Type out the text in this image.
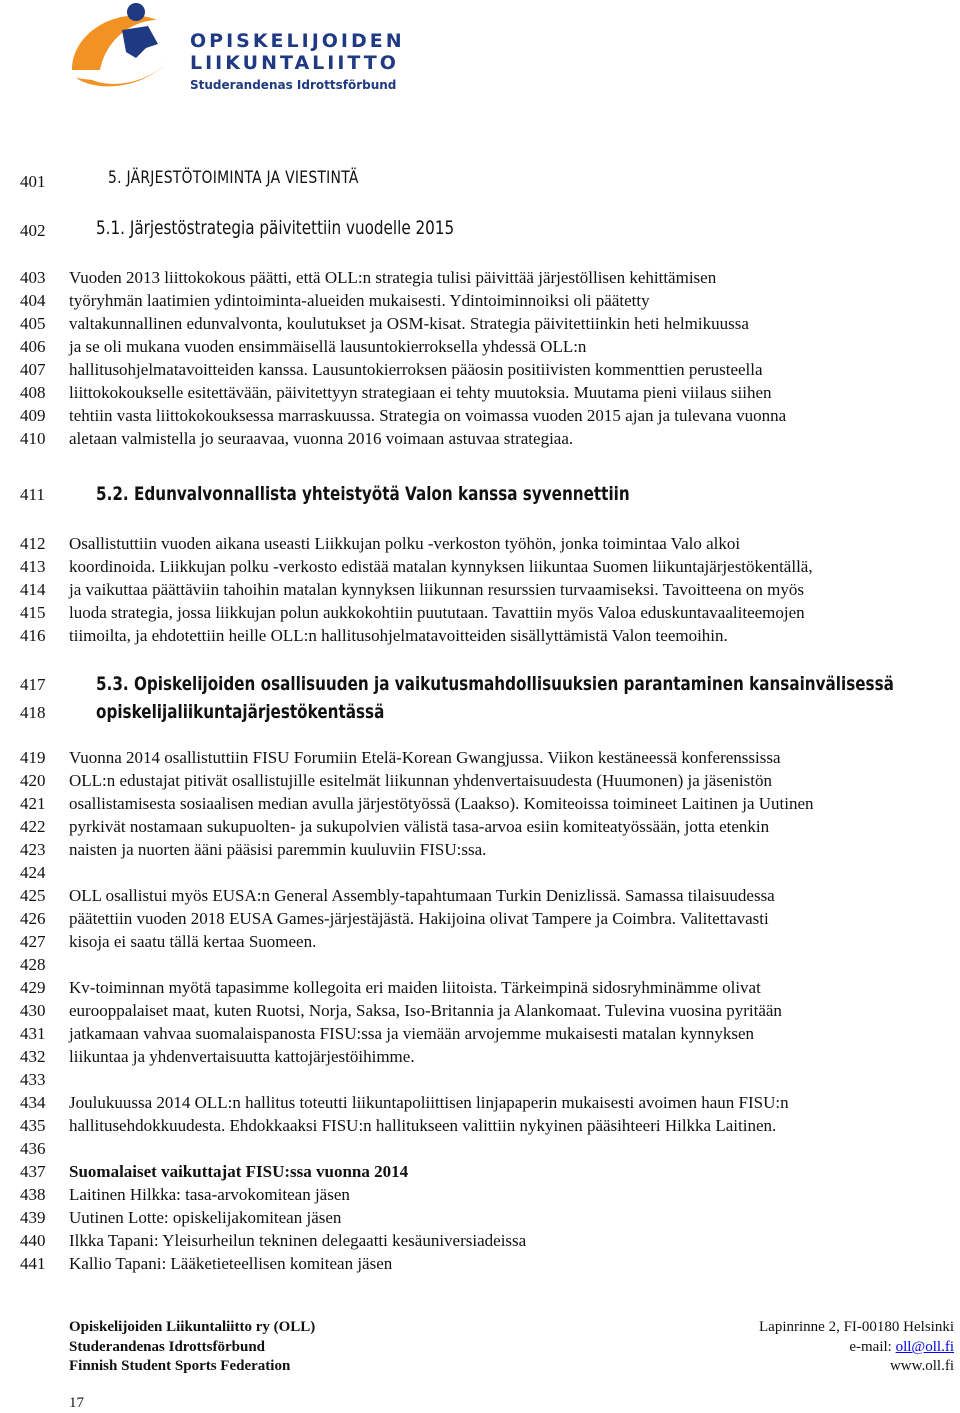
OPISKELIJOIDEN
LIIKUNTALIITTO
Studerandenas Idrottsförbund
401
402
403
404
405
406
407
408
409
410
411
412
413
414
415
416
417
418
419
420
421
422
423
424
425
426
427
428
429
430
431
432
433
434
435
436
437
438
439
440
441
5. JÄRJESTÖTOIMINTA JA VIESTINTÄ
5.1. Järjestöstrategia päivitettiin vuodelle 2015
Vuoden 2013 liittokokous päätti, että OLL:n strategia tulisi päivittää järjestöllisen kehittämisen
työryhmän laatimien ydintoiminta-alueiden mukaisesti. Ydintoiminnoiksi oli päätetty
valtakunnallinen edunvalvonta, koulutukset ja OSM-kisat. Strategia päivitettiinkin heti helmikuussa
ja se oli mukana vuoden ensimmäisellä lausuntokierroksella yhdessä OLL:n
hallitusohjelmatavoitteiden kanssa. Lausuntokierroksen pääosin positiivisten kommenttien perusteella
liittokokoukselle esitettävään, päivitettyyn strategiaan ei tehty muutoksia. Muutama pieni viilaus siihen
tehtiin vasta liittokokouksessa marraskuussa. Strategia on voimassa vuoden 2015 ajan ja tulevana vuonna
aletaan valmistella jo seuraavaa, vuonna 2016 voimaan astuvaa strategiaa.
5.2. Edunvalvonnallista yhteistyötä Valon kanssa syvennettiin
Osallistuttiin vuoden aikana useasti Liikkujan polku -verkoston työhön, jonka toimintaa Valo alkoi
koordinoida. Liikkujan polku -verkosto edistää matalan kynnyksen liikuntaa Suomen liikuntajärjestökentällä,
ja vaikuttaa päättäviin tahoihin matalan kynnyksen liikunnan resurssien turvaamiseksi. Tavoitteena on myös
luoda strategia, jossa liikkujan polun aukkokohtiin puututaan. Tavattiin myös Valoa eduskuntavaaliteemojen
tiimoilta, ja ehdotettiin heille OLL:n hallitusohjelmatavoitteiden sisällyttämistä Valon teemoihin.
5.3. Opiskelijoiden osallisuuden ja vaikutusmahdollisuuksien parantaminen kansainvälisessä
opiskelijaliikuntajärjestökentässä
Vuonna 2014 osallistuttiin FISU Forumiin Etelä-Korean Gwangjussa. Viikon kestäneessä konferenssissa
OLL:n edustajat pitivät osallistujille esitelmät liikunnan yhdenvertaisuudesta (Huumonen) ja jäsenistön
osallistamisesta sosiaalisen median avulla järjestötyössä (Laakso). Komiteoissa toimineet Laitinen ja Uutinen
pyrkivät nostamaan sukupuolten- ja sukupolvien välistä tasa-arvoa esiin komiteatyössään, jotta etenkin
naisten ja nuorten ääni pääsisi paremmin kuuluviin FISU:ssa.
OLL osallistui myös EUSA:n General Assembly-tapahtumaan Turkin Denizlissä. Samassa tilaisuudessa
päätettiin vuoden 2018 EUSA Games-järjestäjästä. Hakijoina olivat Tampere ja Coimbra. Valitettavasti
kisoja ei saatu tällä kertaa Suomeen.
Kv-toiminnan myötä tapasimme kollegoita eri maiden liitoista. Tärkeimpinä sidosryhminämme olivat
eurooppalaiset maat, kuten Ruotsi, Norja, Saksa, Iso-Britannia ja Alankomaat. Tulevina vuosina pyritään
jatkamaan vahvaa suomalaispanosta FISU:ssa ja viemään arvojemme mukaisesti matalan kynnyksen
liikuntaa ja yhdenvertaisuutta kattojärjestöihimme.
Joulukuussa 2014 OLL:n hallitus toteutti liikuntapoliittisen linjapaperin mukaisesti avoimen haun FISU:n
hallitusehdokkuudesta. Ehdokkaaksi FISU:n hallitukseen valittiin nykyinen pääsihteeri Hilkka Laitinen.
Suomalaiset vaikuttajat FISU:ssa vuonna 2014
Laitinen Hilkka: tasa-arvokomitean jäsen
Uutinen Lotte: opiskelijakomitean jäsen
Ilkka Tapani: Yleisurheilun tekninen delegaatti kesäuniversiadeissa
Kallio Tapani: Lääketieteellisen komitean jäsen
Opiskelijoiden Liikuntaliitto ry (OLL)
Studerandenas Idrottsförbund
Finnish Student Sports Federation
Lapinrinne 2, FI-00180 Helsinki
e-mail: oll@oll.fi
www.oll.fi
17
